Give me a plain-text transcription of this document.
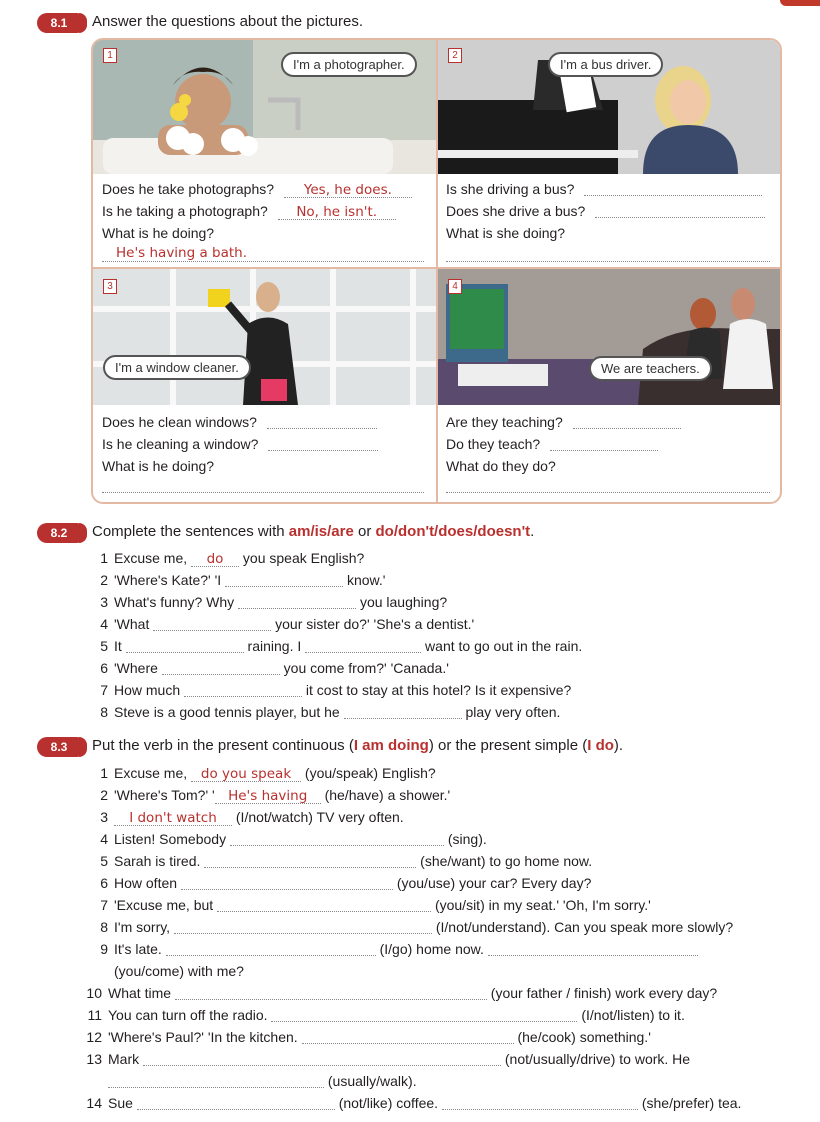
8.1	Answer the questions about the pictures.
1
I'm a photographer.
2
I'm a bus driver.
3
I'm a window cleaner.
4
We are teachers.
Does he take photographs? Yes, he does.
Is he taking a photograph? No, he isn't.
What is he doing?
He's having a bath.
Is she driving a bus?
Does she drive a bus?
What is she doing?
Does he clean windows?
Is he cleaning a window?
What is he doing?
Are they teaching?
Do they teach?
What do they do?
8.2	Complete the sentences with am/is/are or do/don't/does/doesn't.
1 Excuse me, do you speak English?
2 'Where's Kate?' 'I	know.'
3 What's funny? Why	you laughing?
4 'What	your sister do?' 'She's a dentist.'
5 It	raining. I	want to go out in the rain.
6 'Where	you come from?' 'Canada.'
7 How much	it cost to stay at this hotel? Is it expensive?
8 Steve is a good tennis player, but he	play very often.
8.3	Put the verb in the present continuous (I am doing) or the present simple (I do).
1 Excuse me, do you speak (you/speak) English?
2 'Where's Tom?' ' He's having (he/have) a shower.'
3 I don't watch (I/not/watch) TV very often.
4 Listen! Somebody	(sing).
5 Sarah is tired.	(she/want) to go home now.
6 How often	(you/use) your car? Every day?
7 'Excuse me, but	(you/sit) in my seat.' 'Oh, I'm sorry.'
8 I'm sorry,	(I/not/understand). Can you speak more slowly?
9 It's late.	(I/go) home now.
(you/come) with me?
10 What time	(your father / finish) work every day?
11 You can turn off the radio.	(I/not/listen) to it.
12 'Where's Paul?' 'In the kitchen.	(he/cook) something.'
13 Mark	(not/usually/drive) to work. He
(usually/walk).
14 Sue	(not/like) coffee.	(she/prefer) tea.
